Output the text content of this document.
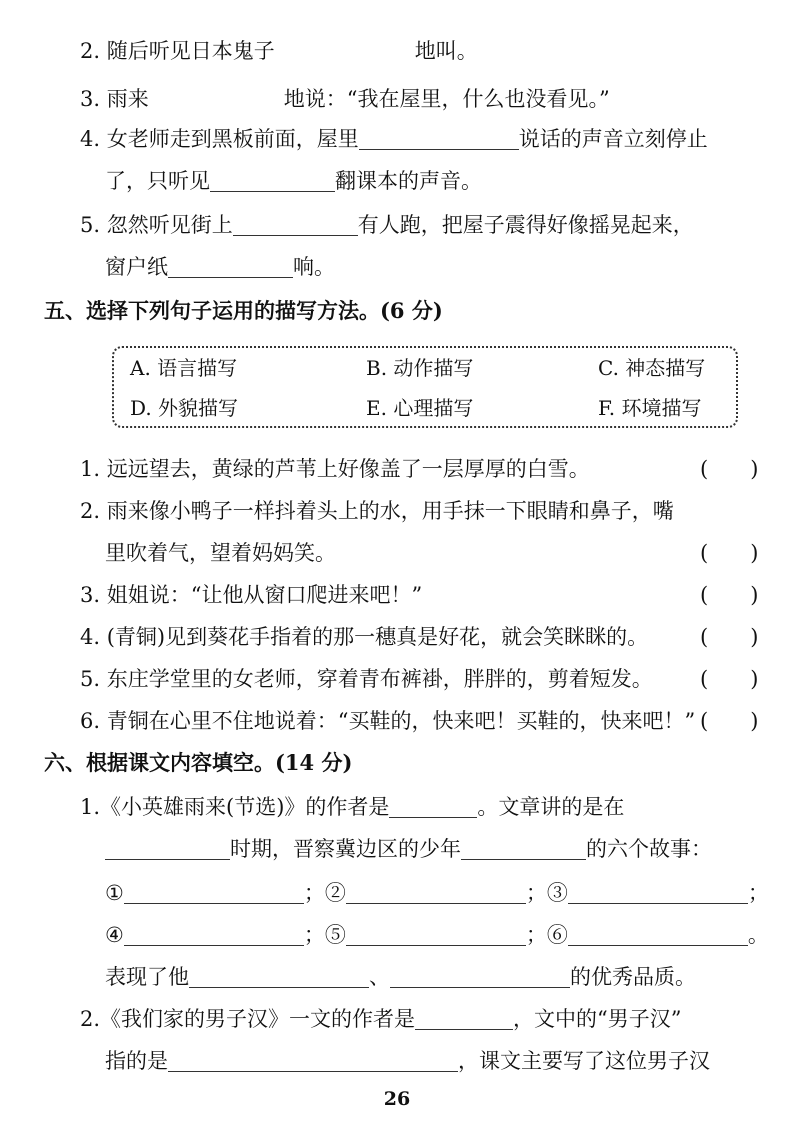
2. 随后听见日本鬼子	地叫。
3. 雨来	地说：“我在屋里，什么也没看见。”
4. 女老师走到黑板前面，屋里	说话的声音立刻停止
了，只听见	翻课本的声音。
5. 忽然听见街上	有人跑，把屋子震得好像摇晃起来，
窗户纸	响。
五、选择下列句子运用的描写方法。(6 分)
A. 语言描写	B. 动作描写	C. 神态描写
D. 外貌描写	E. 心理描写	F. 环境描写
1. 远远望去，黄绿的芦苇上好像盖了一层厚厚的白雪。	(　　)
2. 雨来像小鸭子一样抖着头上的水，用手抹一下眼睛和鼻子，嘴
里吹着气，望着妈妈笑。	(　　)
3. 姐姐说：“让他从窗口爬进来吧！”	(　　)
4. (青铜)见到葵花手指着的那一穗真是好花，就会笑眯眯的。 (　　)
5. 东庄学堂里的女老师，穿着青布裤褂，胖胖的，剪着短发。 (　　)
6. 青铜在心里不住地说着：“买鞋的，快来吧！买鞋的，快来吧！” (　　)
六、根据课文内容填空。(14 分)
1.《小英雄雨来(节选)》的作者是	。文章讲的是在
时期，晋察冀边区的少年	的六个故事：
①	；②	；③	；
④	；⑤	；⑥	。
表现了他	、	的优秀品质。
2.《我们家的男子汉》一文的作者是	，文中的“男子汉”
指的是	，课文主要写了这位男子汉
26
